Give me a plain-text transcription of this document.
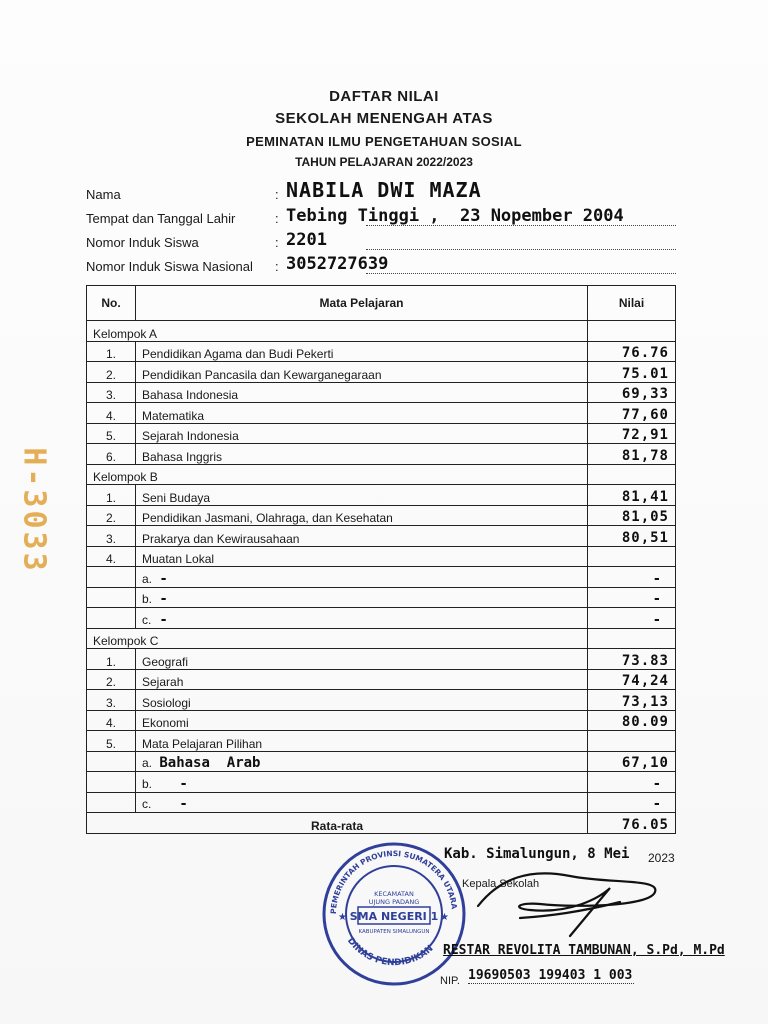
DAFTAR NILAI
SEKOLAH MENENGAH ATAS
PEMINATAN ILMU PENGETAHUAN SOSIAL
TAHUN PELAJARAN 2022/2023
Nama	: NABILA DWI MAZA
Tempat dan Tanggal Lahir	: Tebing Tinggi ,  23 Nopember 2004
Nomor Induk Siswa	: 2201
Nomor Induk Siswa Nasional : 3052727639
No.	Mata Pelajaran	Nilai
Kelompok A		
1.	Pendidikan Agama dan Budi Pekerti	76.76
2.	Pendidikan Pancasila dan Kewarganegaraan	75.01
3.	Bahasa Indonesia	69,33
4.	Matematika	77,60
5.	Sejarah Indonesia	72,91
6.	Bahasa Inggris	81,78
Kelompok B		
1.	Seni Budaya	81,41
2.	Pendidikan Jasmani, Olahraga, dan Kesehatan	81,05
3.	Prakarya dan Kewirausahaan	80,51
4.	Muatan Lokal	
	a. -	-
	b. -	-
	c. -	-
Kelompok C		
1.	Geografi	73.83
2.	Sejarah	74,24
3.	Sosiologi	73,13
4.	Ekonomi	80.09
5.	Mata Pelajaran Pilihan	
	a. Bahasa  Arab	67,10
	b. -	-
	c. -	-
Rata-rata		76.05
Kab. Simalungun, 8 Mei 2023
Kepala Sekolah
PEMERINTAH PROVINSI SUMATERA UTARA
DINAS PENDIDIKAN
KECAMATAN
UJUNG PADANG
SMA NEGERI 1
KABUPATEN SIMALUNGUN
★	★
RESTAR REVOLITA TAMBUNAN, S.Pd, M.Pd
NIP. 19690503 199403 1 003
H-3033
